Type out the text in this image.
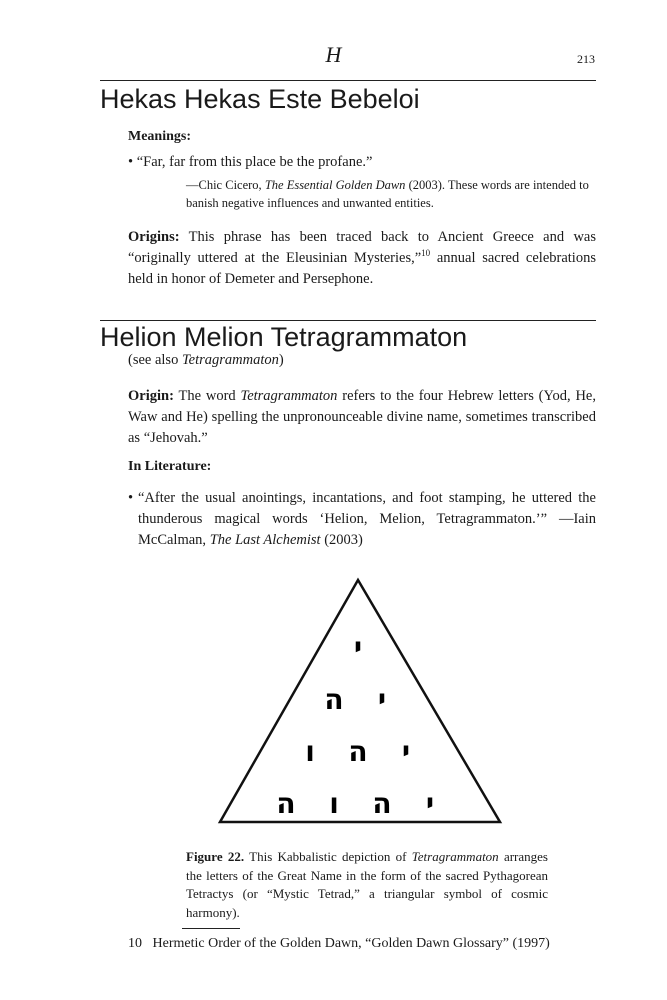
H	213
Hekas Hekas Este Bebeloi
Meanings:
• “Far, far from this place be the profane.”
—Chic Cicero, The Essential Golden Dawn (2003). These words are intended to banish negative influences and unwanted entities.
Origins: This phrase has been traced back to Ancient Greece and was “originally uttered at the Eleusinian Mysteries,”$^{10}$ annual sacred celebrations held in honor of Demeter and Persephone.
Helion Melion Tetragrammaton
(see also Tetragrammaton)
Origin: The word Tetragrammaton refers to the four Hebrew letters (Yod, He, Waw and He) spelling the unpronounceable divine name, sometimes transcribed as “Jehovah.”
In Literature:
• “After the usual anointings, incantations, and foot stamping, he uttered the thunderous magical words ‘Helion, Melion, Tetragrammaton.’” —Iain McCalman, The Last Alchemist (2003)
י
ה י
ו ה י
ה ו ה י
Figure 22. This Kabbalistic depiction of Tetragrammaton arranges the letters of the Great Name in the form of the sacred Pythagorean Tetractys (or “Mystic Tetrad,” a triangular symbol of cosmic harmony).
10 Hermetic Order of the Golden Dawn, “Golden Dawn Glossary” (1997)
